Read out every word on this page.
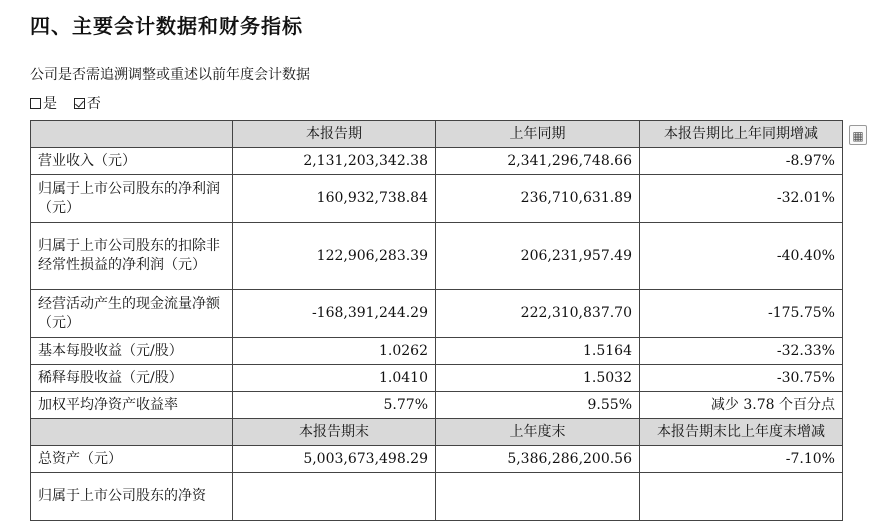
四、主要会计数据和财务指标
公司是否需追溯调整或重述以前年度会计数据
是 否
	本报告期	上年同期	本报告期比上年同期增减
营业收入（元）	2,131,203,342.38	2,341,296,748.66	-8.97%
归属于上市公司股东的净利润（元）	160,932,738.84	236,710,631.89	-32.01%
归属于上市公司股东的扣除非经常性损益的净利润（元）	122,906,283.39	206,231,957.49	-40.40%
经营活动产生的现金流量净额（元）	-168,391,244.29	222,310,837.70	-175.75%
基本每股收益（元/股）	1.0262	1.5164	-32.33%
稀释每股收益（元/股）	1.0410	1.5032	-30.75%
加权平均净资产收益率	5.77%	9.55%	减少 3.78 个百分点
	本报告期末	上年度末	本报告期末比上年度末增减
总资产（元）	5,003,673,498.29	5,386,286,200.56	-7.10%
归属于上市公司股东的净资			
▦
